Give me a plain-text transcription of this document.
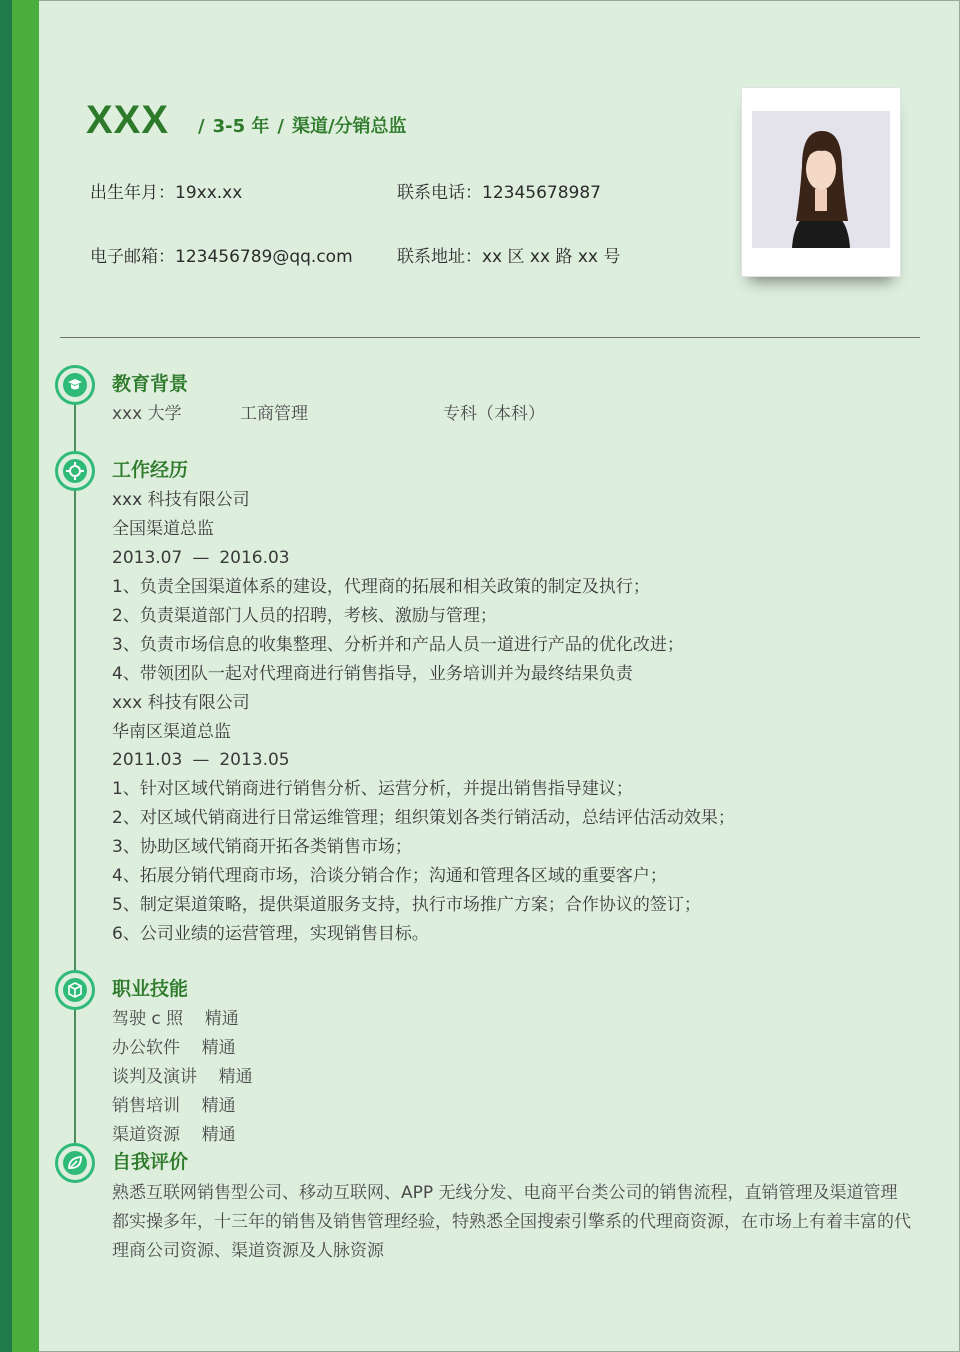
XXX	/ 3-5 年 / 渠道/分销总监
出生年月：19xx.xx	联系电话：12345678987
电子邮箱：123456789@qq.com	联系地址：xx 区 xx 路 xx 号
教育背景
xxx 大学	工商管理	专科（本科）
工作经历
xxx 科技有限公司
全国渠道总监
2013.07 — 2016.03
1、负责全国渠道体系的建设，代理商的拓展和相关政策的制定及执行；
2、负责渠道部门人员的招聘，考核、激励与管理；
3、负责市场信息的收集整理、分析并和产品人员一道进行产品的优化改进；
4、带领团队一起对代理商进行销售指导，业务培训并为最终结果负责
xxx 科技有限公司
华南区渠道总监
2011.03 — 2013.05
1、针对区域代销商进行销售分析、运营分析，并提出销售指导建议；
2、对区域代销商进行日常运维管理；组织策划各类行销活动，总结评估活动效果；
3、协助区域代销商开拓各类销售市场；
4、拓展分销代理商市场，洽谈分销合作；沟通和管理各区域的重要客户；
5、制定渠道策略，提供渠道服务支持，执行市场推广方案；合作协议的签订；
6、公司业绩的运营管理，实现销售目标。
职业技能
驾驶 c 照 精通
办公软件 精通
谈判及演讲 精通
销售培训 精通
渠道资源 精通
自我评价
熟悉互联网销售型公司、移动互联网、APP 无线分发、电商平台类公司的销售流程，直销管理及渠道管理都实操多年，十三年的销售及销售管理经验，特熟悉全国搜索引擎系的代理商资源，在市场上有着丰富的代理商公司资源、渠道资源及人脉资源
